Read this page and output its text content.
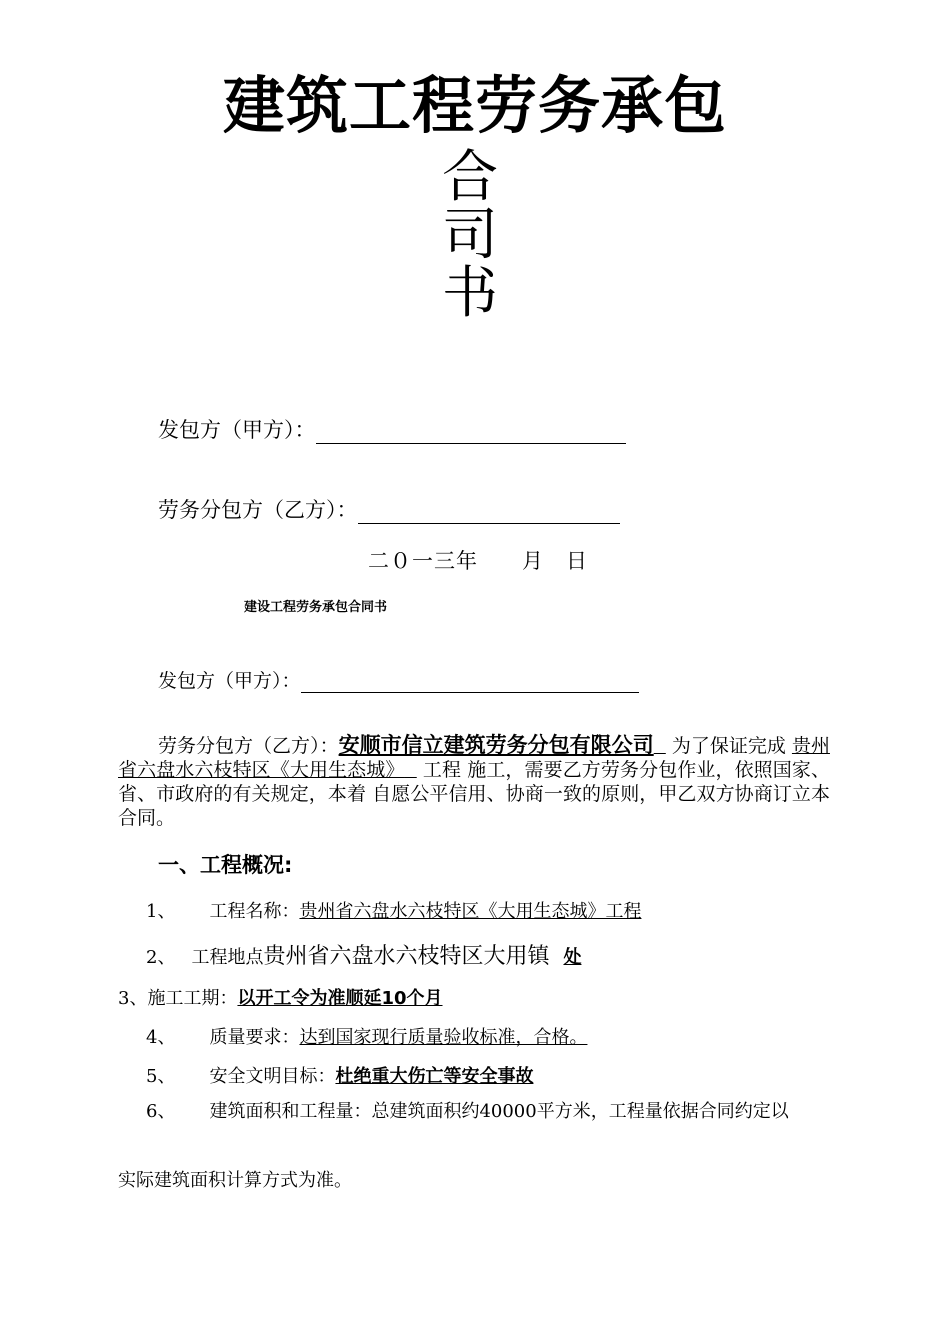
建筑工程劳务承包
合
司
书
发包方（甲方）：
劳务分包方（乙方）：
二０一三年　　月　日
建设工程劳务承包合同书
发包方（甲方）：
劳务分包方（乙方）：安顺市信立建筑劳务分包有限公司 为了保证完成 贵州省六盘水六枝特区《大用生态城》 工程 施工，需要乙方劳务分包作业，依照国家、省、市政府的有关规定，本着 自愿公平信用、协商一致的原则，甲乙双方协商订立本合同。
一、工程概况:
1、 工程名称：贵州省六盘水六枝特区《大用生态城》工程
2、 工程地点贵州省六盘水六枝特区大用镇 处
3、施工工期：以开工令为准顺延10个月
4、 质量要求：达到国家现行质量验收标准，合格。
5、 安全文明目标：杜绝重大伤亡等安全事故
6、 建筑面积和工程量：总建筑面积约40000平方米，工程量依据合同约定以
实际建筑面积计算方式为准。
